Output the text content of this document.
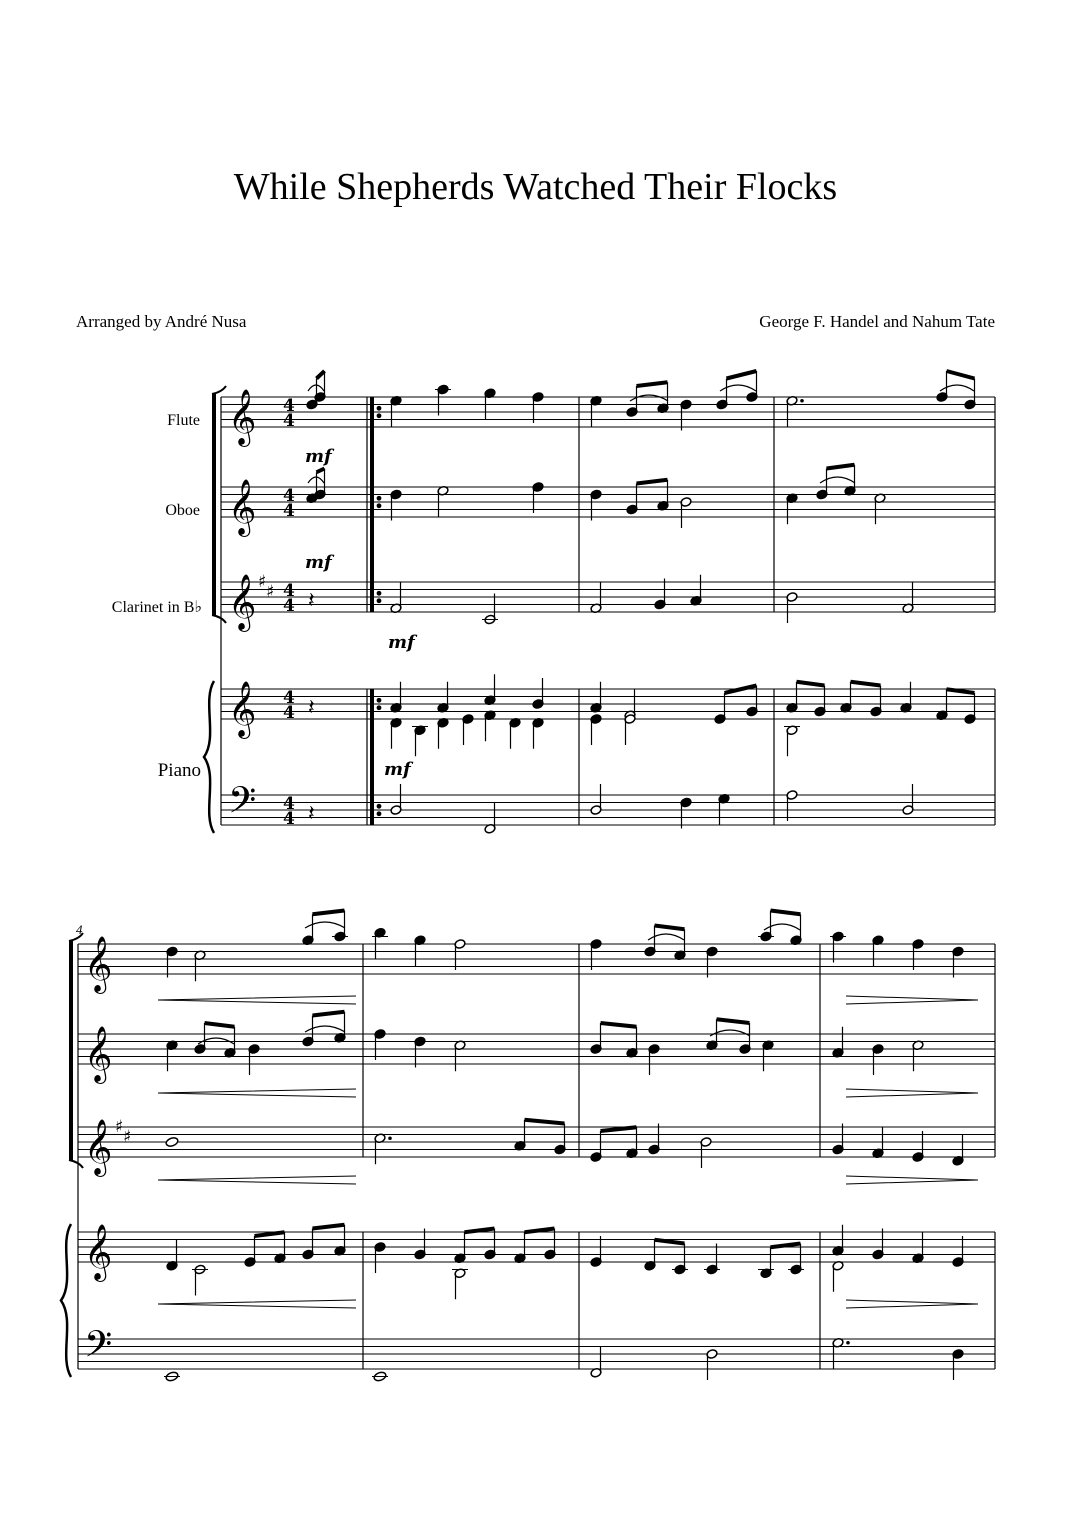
While Shepherds Watched Their Flocks
Arranged by André Nusa	George F. Handel and Nahum Tate
Flute
Oboe
Clarinet in B♭
Piano
𝄞
𝄞
𝄞
𝄞
𝄢
𝄞
𝄞
𝄞
𝄞
𝄢
♯ ♯
♯ ♯
4
4
4
4
4
4
4
4
4
4
𝄽
𝄽
𝄽
mf
mf
mf
mf
4
